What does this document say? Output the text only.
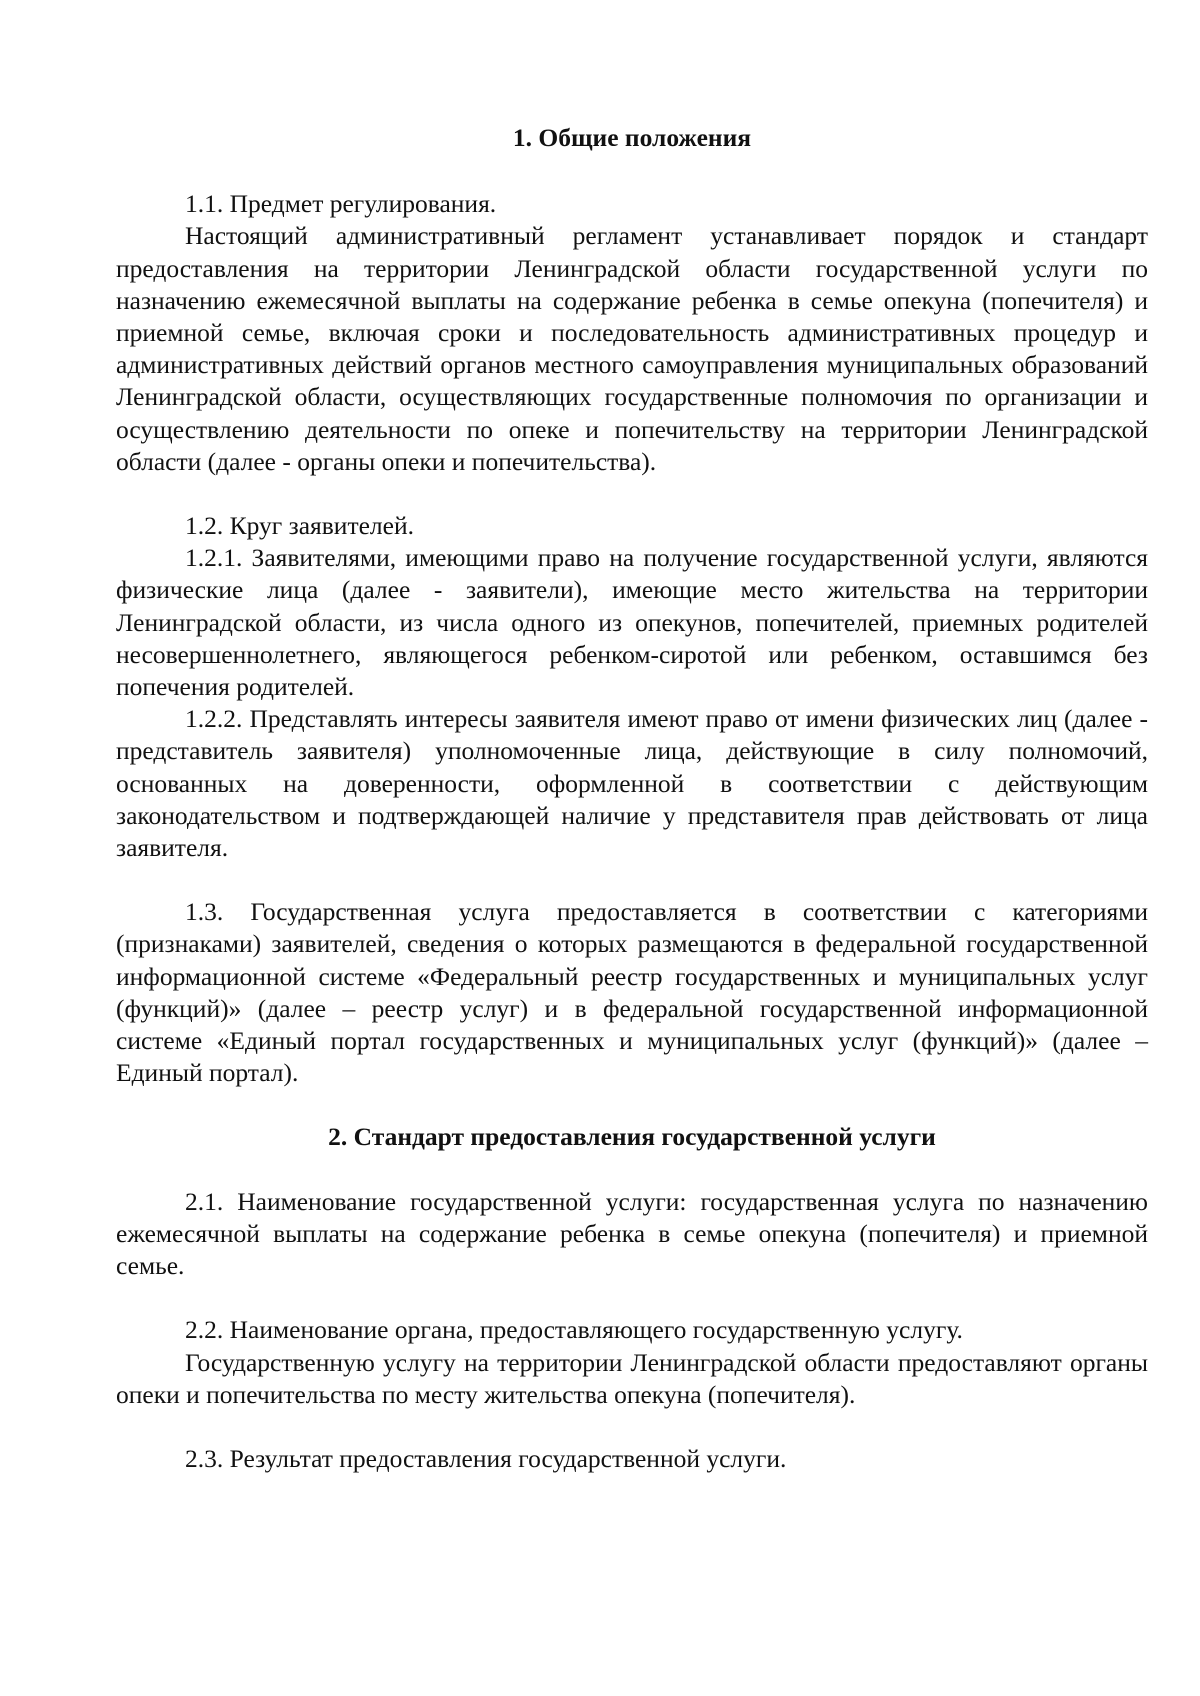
1. Общие положения

1.1. Предмет регулирования.

Настоящий административный регламент устанавливает порядок и стандарт предоставления на территории Ленинградской области государственной услуги по назначению ежемесячной выплаты на содержание ребенка в семье опекуна (попечителя) и приемной семье, включая сроки и последовательность административных процедур и административных действий органов местного самоуправления муниципальных образований Ленинградской области, осуществляющих государственные полномочия по организации и осуществлению деятельности по опеке и попечительству на территории Ленинградской области (далее - органы опеки и попечительства).

1.2. Круг заявителей.

1.2.1. Заявителями, имеющими право на получение государственной услуги, являются физические лица (далее - заявители), имеющие место жительства на территории Ленинградской области, из числа одного из опекунов, попечителей, приемных родителей несовершеннолетнего, являющегося ребенком-сиротой или ребенком, оставшимся без попечения родителей.

1.2.2. Представлять интересы заявителя имеют право от имени физических лиц (далее - представитель заявителя) уполномоченные лица, действующие в силу полномочий, основанных на доверенности, оформленной в соответствии с действующим законодательством и подтверждающей наличие у представителя прав действовать от лица заявителя.

1.3. Государственная услуга предоставляется в соответствии с категориями (признаками) заявителей, сведения о которых размещаются в федеральной государственной информационной системе «Федеральный реестр государственных и муниципальных услуг (функций)» (далее – реестр услуг) и в федеральной государственной информационной системе «Единый портал государственных и муниципальных услуг (функций)» (далее – Единый портал).

2. Стандарт предоставления государственной услуги

2.1. Наименование государственной услуги: государственная услуга по назначению ежемесячной выплаты на содержание ребенка в семье опекуна (попечителя) и приемной семье.

2.2. Наименование органа, предоставляющего государственную услугу.

Государственную услугу на территории Ленинградской области предоставляют органы опеки и попечительства по месту жительства опекуна (попечителя).

2.3. Результат предоставления государственной услуги.
